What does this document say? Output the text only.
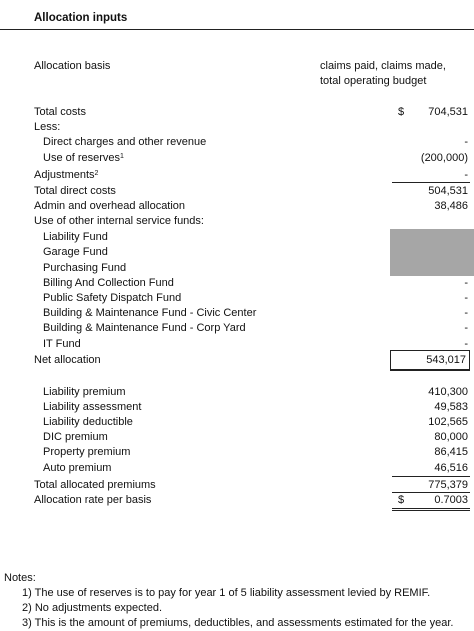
Allocation inputs
Allocation basis	claims paid, claims made,
total operating budget
Total costs	$ 704,531
Less:
Direct charges and other revenue	-
Use of reserves$^1$	(200,000)
Adjustments$^2$	-
Total direct costs	504,531
Admin and overhead allocation	38,486
Use of other internal service funds:
Liability Fund
Garage Fund
Purchasing Fund
Billing And Collection Fund	-
Public Safety Dispatch Fund	-
Building & Maintenance Fund - Civic Center	-
Building & Maintenance Fund - Corp Yard	-
IT Fund	-
Net allocation	543,017
Liability premium	410,300
Liability assessment	49,583
Liability deductible	102,565
DIC premium	80,000
Property premium	86,415
Auto premium	46,516
Total allocated premiums	775,379
Allocation rate per basis	$	0.7003
Notes:
1) The use of reserves is to pay for year 1 of 5 liability assessment levied by REMIF.
2) No adjustments expected.
3) This is the amount of premiums, deductibles, and assessments estimated for the year.
